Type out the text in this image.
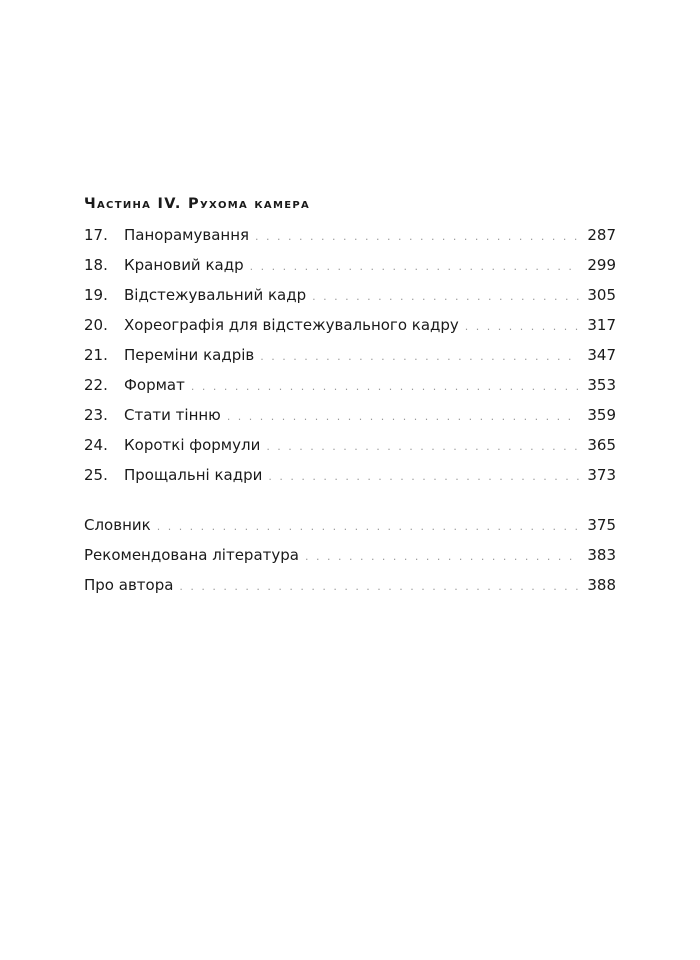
Частина IV. Рухома камера
17.	Панорамування . . .	287
18.	Крановий кадр . . .	299
19.	Відстежувальний кадр . . .	305
20.	Хореографія для відстежувального кадру . . .	317
21.	Переміни кадрів . . .	347
22.	Формат . . .	353
23.	Стати тінню . . .	359
24.	Короткі формули . . .	365
25.	Прощальні кадри . . .	373
Словник . . .	375
Рекомендована література . . .	383
Про автора . . .	388
